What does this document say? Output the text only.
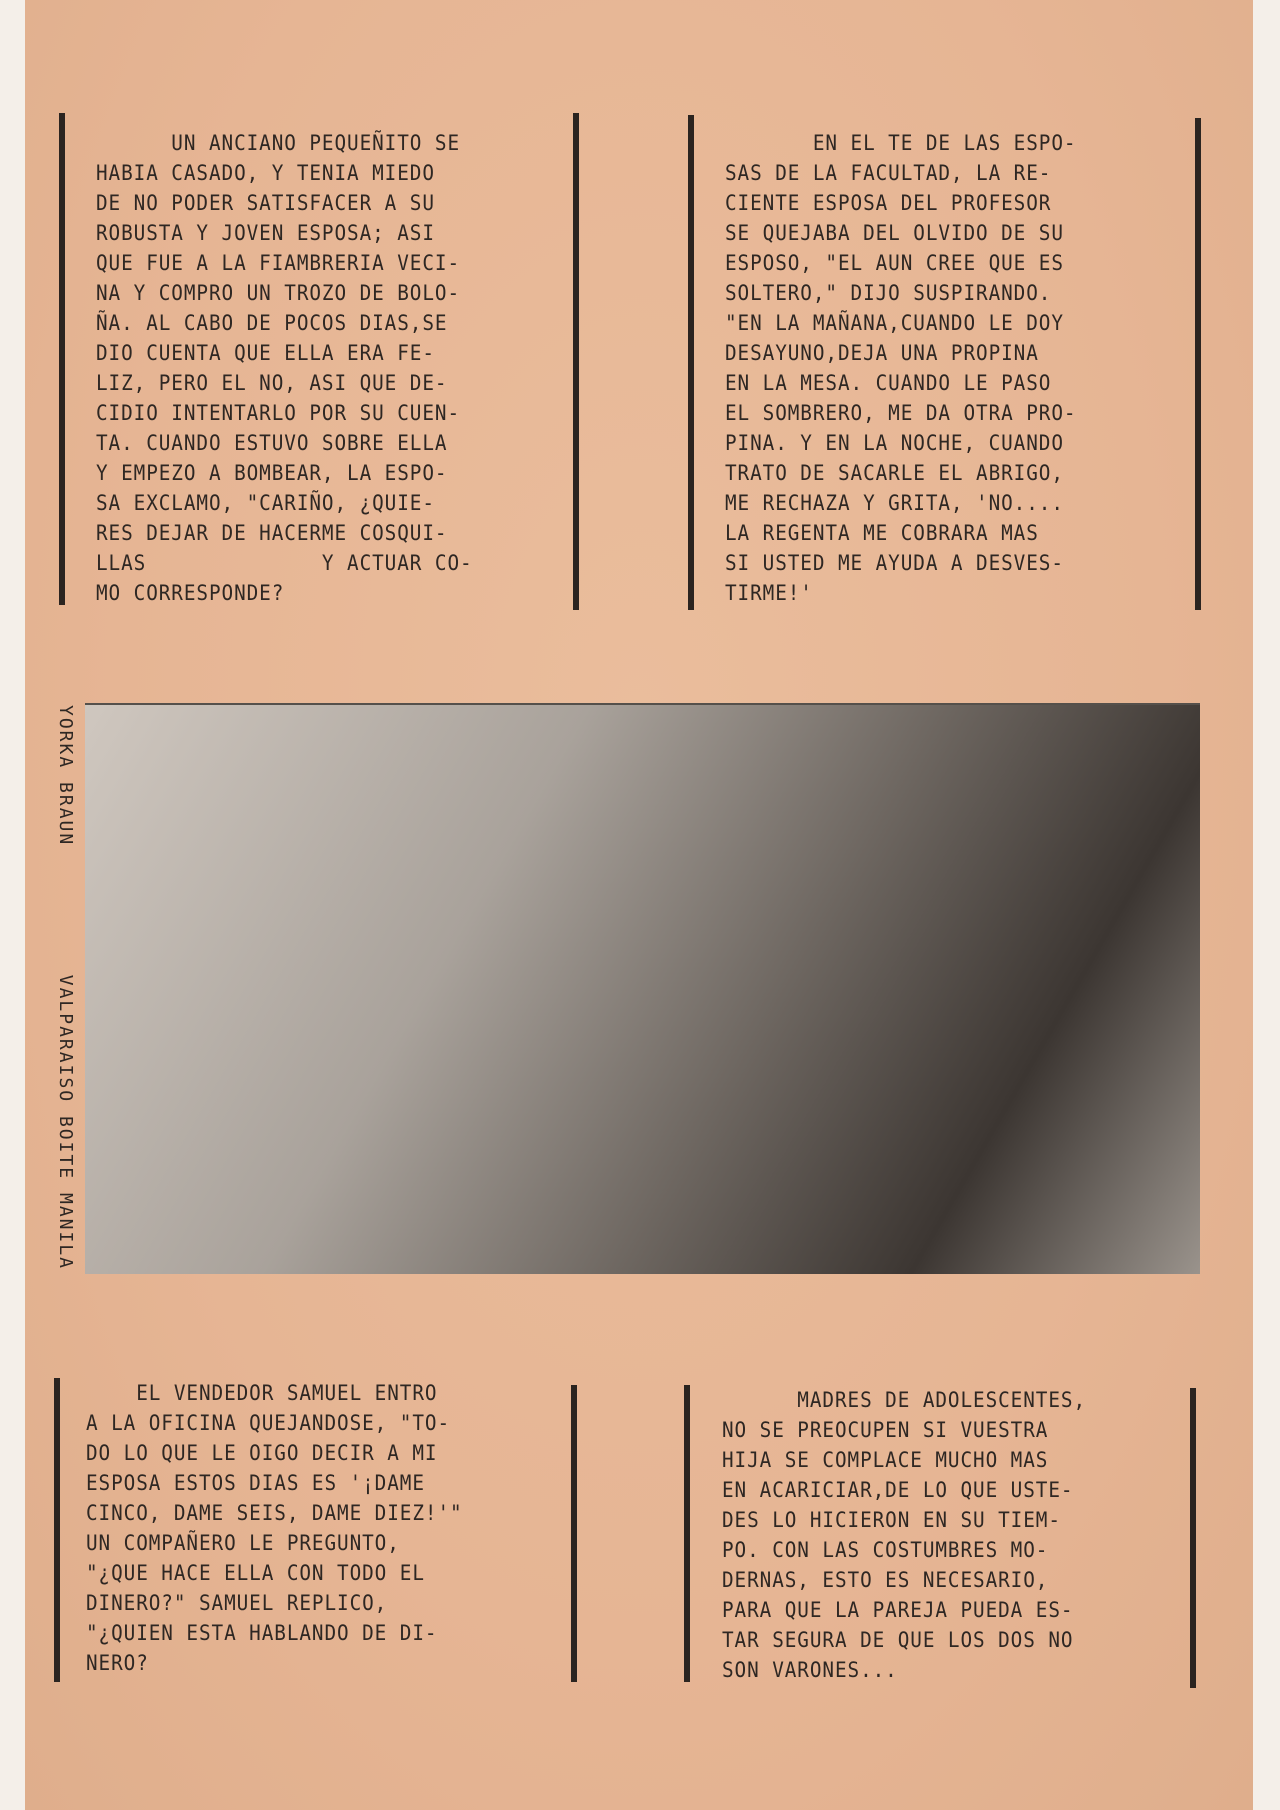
UN ANCIANO PEQUEÑITO SE
HABIA CASADO, Y TENIA MIEDO
DE NO PODER SATISFACER A SU
ROBUSTA Y JOVEN ESPOSA; ASI
QUE FUE A LA FIAMBRERIA VECI-
NA Y COMPRO UN TROZO DE BOLO-
ÑA. AL CABO DE POCOS DIAS,SE
DIO CUENTA QUE ELLA ERA FE-
LIZ, PERO EL NO, ASI QUE DE-
CIDIO INTENTARLO POR SU CUEN-
TA. CUANDO ESTUVO SOBRE ELLA
Y EMPEZO A BOMBEAR, LA ESPO-
SA EXCLAMO, "CARIÑO, ¿QUIE-
RES DEJAR DE HACERME COSQUI-
LLAS              Y ACTUAR CO-
MO CORRESPONDE?
EN EL TE DE LAS ESPO-
SAS DE LA FACULTAD, LA RE-
CIENTE ESPOSA DEL PROFESOR
SE QUEJABA DEL OLVIDO DE SU
ESPOSO, "EL AUN CREE QUE ES
SOLTERO," DIJO SUSPIRANDO.
"EN LA MAÑANA,CUANDO LE DOY
DESAYUNO,DEJA UNA PROPINA
EN LA MESA. CUANDO LE PASO
EL SOMBRERO, ME DA OTRA PRO-
PINA. Y EN LA NOCHE, CUANDO
TRATO DE SACARLE EL ABRIGO,
ME RECHAZA Y GRITA, 'NO....
LA REGENTA ME COBRARA MAS
SI USTED ME AYUDA A DESVES-
TIRME!'
YORKA BRAUN
VALPARAISO BOITE MANILA
EL VENDEDOR SAMUEL ENTRO
A LA OFICINA QUEJANDOSE, "TO-
DO LO QUE LE OIGO DECIR A MI
ESPOSA ESTOS DIAS ES '¡DAME
CINCO, DAME SEIS, DAME DIEZ!'"
UN COMPAÑERO LE PREGUNTO,
"¿QUE HACE ELLA CON TODO EL
DINERO?" SAMUEL REPLICO,
"¿QUIEN ESTA HABLANDO DE DI-
NERO?
MADRES DE ADOLESCENTES,
NO SE PREOCUPEN SI VUESTRA
HIJA SE COMPLACE MUCHO MAS
EN ACARICIAR,DE LO QUE USTE-
DES LO HICIERON EN SU TIEM-
PO. CON LAS COSTUMBRES MO-
DERNAS, ESTO ES NECESARIO,
PARA QUE LA PAREJA PUEDA ES-
TAR SEGURA DE QUE LOS DOS NO
SON VARONES...
